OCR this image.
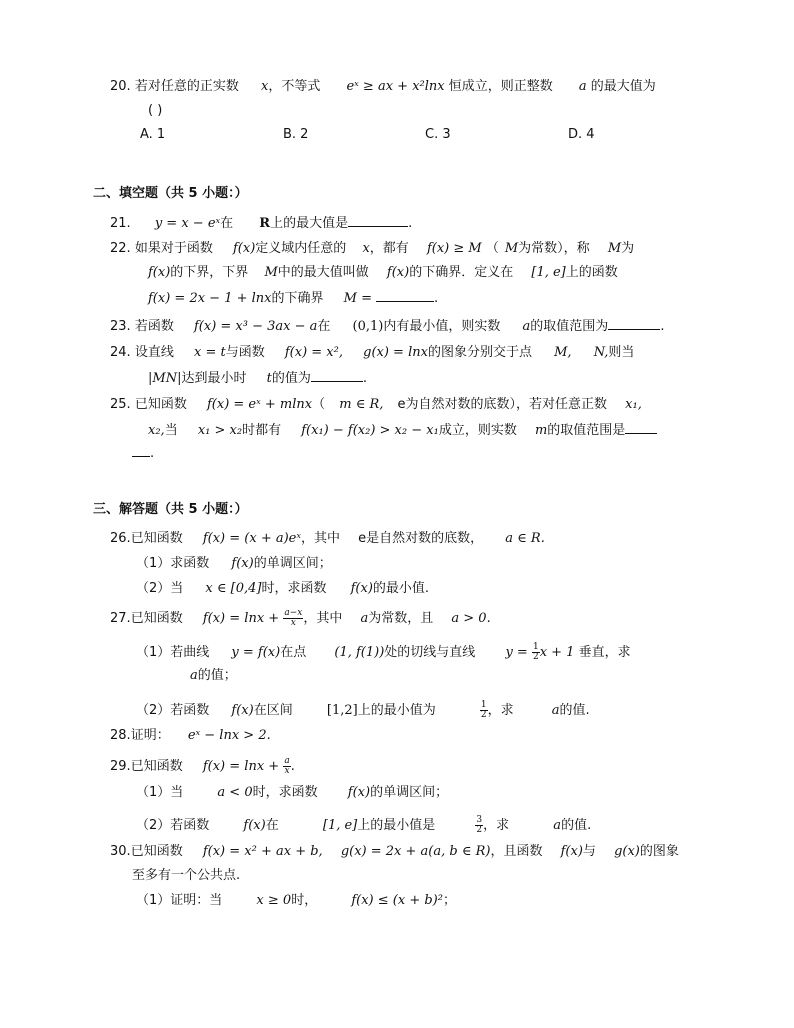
20. 若对任意的正实数 x，不等式 eˣ ≥ ax + x²lnx 恒成立，则正整数 a 的最大值为
( )
A. 1	B. 2	C. 3	D. 4
二、填空题（共 5 小题：）
21. y = x − eˣ在 R上的最大值是	.
22. 如果对于函数 f(x)定义域内任意的 x，都有 f(x) ≥ M （ M为常数），称 M为
f(x)的下界，下界 M中的最大值叫做 f(x)的下确界．定义在 [1, e]上的函数
f(x) = 2x − 1 + lnx的下确界 M =	.
23. 若函数 f(x) = x³ − 3ax − a在 (0,1)内有最小值，则实数 a的取值范围为	.
24. 设直线 x = t与函数 f(x) = x², g(x) = lnx的图象分别交于点 M, N,则当
|MN|达到最小时 t的值为	.
25. 已知函数 f(x) = eˣ + mlnx（ m ∈ R, e为自然对数的底数），若对任意正数 x₁,
x₂,当 x₁ > x₂时都有 f(x₁) − f(x₂) > x₂ − x₁成立，则实数 m的取值范围是
.
三、解答题（共 5 小题：）
26.已知函数 f(x) = (x + a)eˣ，其中 e是自然对数的底数， a ∈ R.
（1）求函数 f(x)的单调区间；
（2）当 x ∈ [0,4]时，求函数 f(x)的最小值.
27.已知函数 $f(x) = \ln x + \frac{a-x}{x}$ ，其中 a为常数，且 a > 0.
（1）若曲线 y = f(x)在点 (1, f(1))处的切线与直线 $y = \frac{1}{2}$ x + 1 垂直，求
a的值；
（2）若函数 f(x)在区间	[1,2]上的最小值为	$\frac{1}{2}$ ，求	a的值.
28.证明： eˣ − lnx > 2.
29.已知函数 $f(x) = \ln x + \frac{a}{x}$ .
（1）当	a < 0时，求函数 f(x)的单调区间；
（2）若函数	f(x)在	[1, e]上的最小值是	$\frac{3}{2}$ ，求	a的值.
30.已知函数 f(x) = x² + ax + b, g(x) = 2x + a(a, b ∈ R)，且函数 f(x)与 g(x)的图象
至多有一个公共点.
（1）证明：当	x ≥ 0时，	f(x) ≤ (x + b)²；
